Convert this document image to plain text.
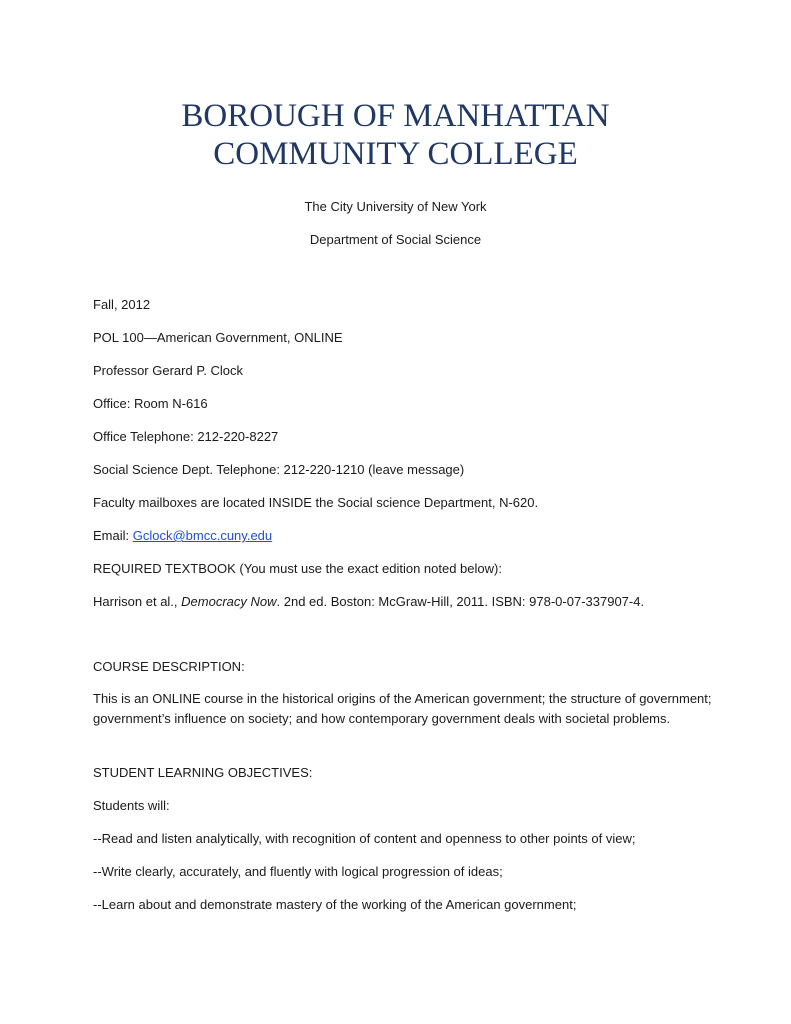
BOROUGH OF MANHATTAN
COMMUNITY COLLEGE
The City University of New York
Department of Social Science
Fall, 2012
POL 100—American Government, ONLINE
Professor Gerard P. Clock
Office: Room N-616
Office Telephone: 212-220-8227
Social Science Dept. Telephone: 212-220-1210 (leave message)
Faculty mailboxes are located INSIDE the Social science Department, N-620.
Email: Gclock@bmcc.cuny.edu
REQUIRED TEXTBOOK (You must use the exact edition noted below):
Harrison et al., Democracy Now. 2nd ed. Boston: McGraw-Hill, 2011. ISBN: 978-0-07-337907-4.
COURSE DESCRIPTION:
This is an ONLINE course in the historical origins of the American government; the structure of government; government’s influence on society; and how contemporary government deals with societal problems.
STUDENT LEARNING OBJECTIVES:
Students will:
--Read and listen analytically, with recognition of content and openness to other points of view;
--Write clearly, accurately, and fluently with logical progression of ideas;
--Learn about and demonstrate mastery of the working of the American government;
